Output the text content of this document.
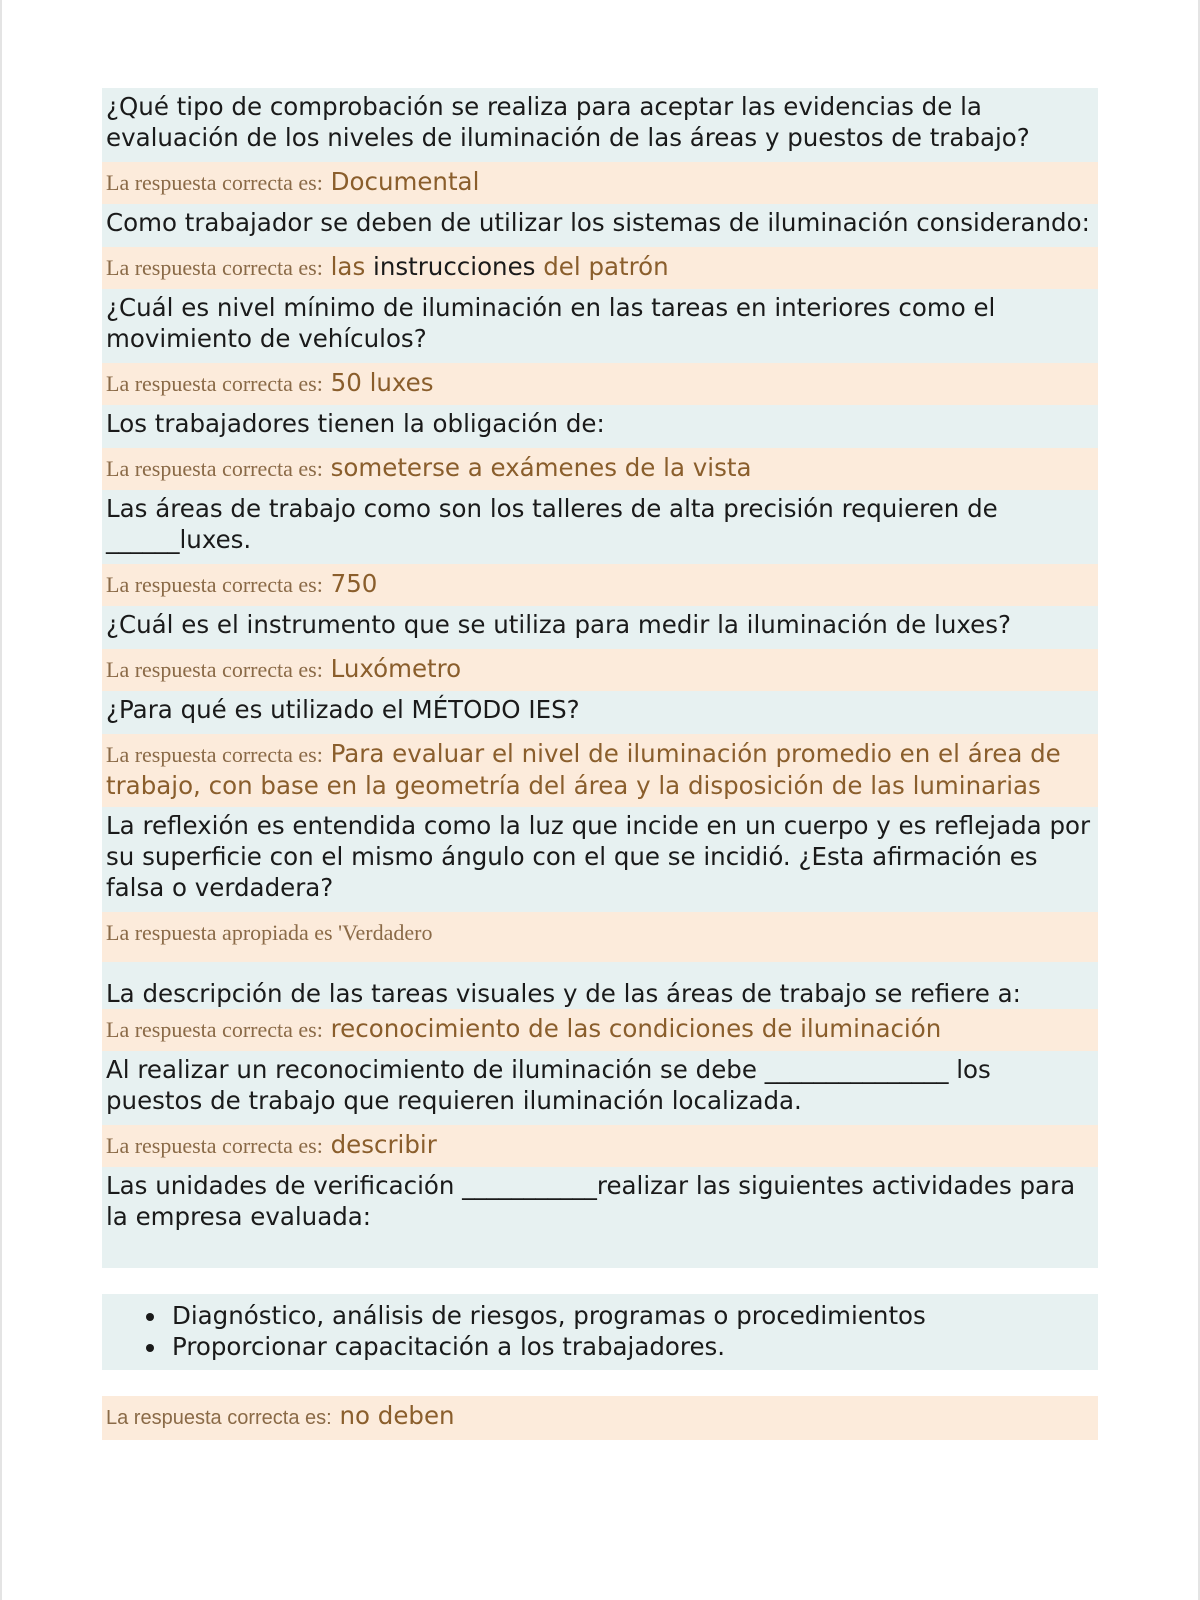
¿Qué tipo de comprobación se realiza para aceptar las evidencias de la evaluación de los niveles de iluminación de las áreas y puestos de trabajo?
La respuesta correcta es: Documental
Como trabajador se deben de utilizar los sistemas de iluminación considerando:
La respuesta correcta es: las instrucciones del patrón
¿Cuál es nivel mínimo de iluminación en las tareas en interiores como el movimiento de vehículos?
La respuesta correcta es: 50 luxes
Los trabajadores tienen la obligación de:
La respuesta correcta es: someterse a exámenes de la vista
Las áreas de trabajo como son los talleres de alta precisión requieren de ______luxes.
La respuesta correcta es: 750
¿Cuál es el instrumento que se utiliza para medir la iluminación de luxes?
La respuesta correcta es: Luxómetro
¿Para qué es utilizado el MÉTODO IES?
La respuesta correcta es: Para evaluar el nivel de iluminación promedio en el área de trabajo, con base en la geometría del área y la disposición de las luminarias
La reflexión es entendida como la luz que incide en un cuerpo y es reflejada por su superficie con el mismo ángulo con el que se incidió. ¿Esta afirmación es falsa o verdadera?
La respuesta apropiada es 'Verdadero
La descripción de las tareas visuales y de las áreas de trabajo se refiere a:
La respuesta correcta es: reconocimiento de las condiciones de iluminación
Al realizar un reconocimiento de iluminación se debe _______________ los puestos de trabajo que requieren iluminación localizada.
La respuesta correcta es: describir
Las unidades de verificación ___________realizar las siguientes actividades para la empresa evaluada:
• Diagnóstico, análisis de riesgos, programas o procedimientos
• Proporcionar capacitación a los trabajadores.
La respuesta correcta es: no deben
